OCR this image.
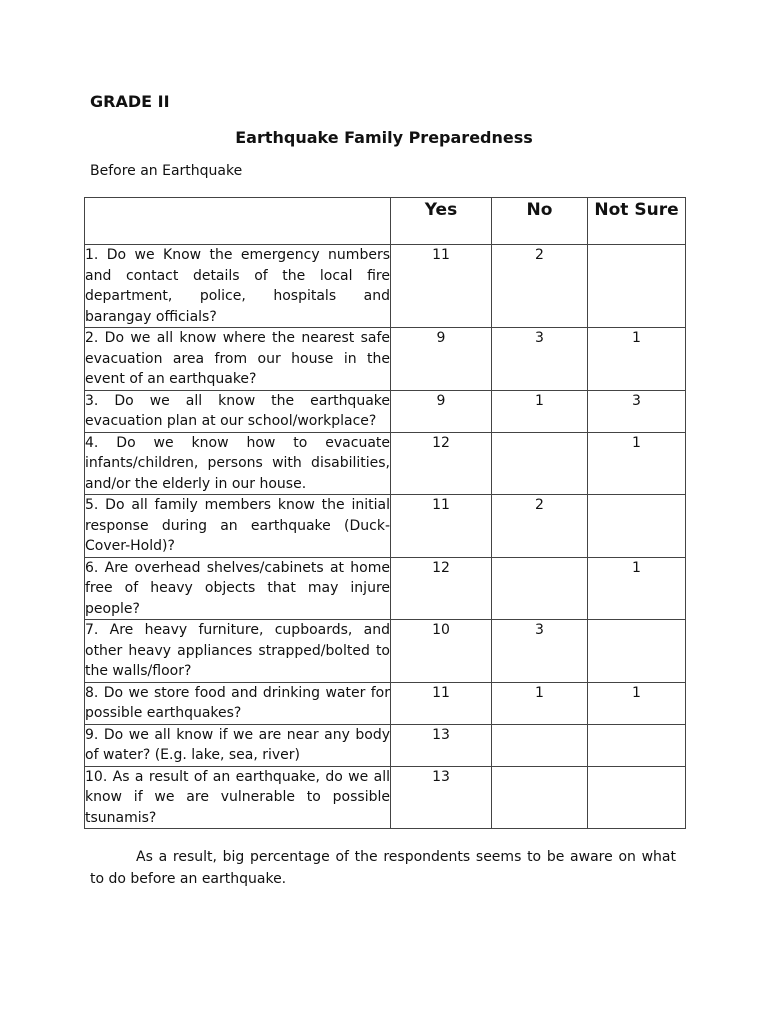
GRADE II
Earthquake Family Preparedness
Before an Earthquake

	Yes	No	Not Sure

1. Do we Know the emergency numbers and contact details of the local fire department, police, hospitals and barangay officials?	11	2	
2. Do we all know where the nearest safe evacuation area from our house in the event of an earthquake?	9	3	1
3. Do we all know the earthquake evacuation plan at our school/workplace?	9	1	3
4. Do we know how to evacuate infants/children, persons with disabilities, and/or the elderly in our house.	12		1
5. Do all family members know the initial response during an earthquake (Duck-Cover-Hold)?	11	2	
6. Are overhead shelves/cabinets at home free of heavy objects that may injure people?	12		1
7. Are heavy furniture, cupboards, and other heavy appliances strapped/bolted to the walls/floor?	10	3	
8. Do we store food and drinking water for possible earthquakes?	11	1	1
9. Do we all know if we are near any body of water? (E.g. lake, sea, river)	13		
10. As a result of an earthquake, do we all know if we are vulnerable to possible tsunamis?	13		
As a result, big percentage of the respondents seems to be aware on what to do before an earthquake.
